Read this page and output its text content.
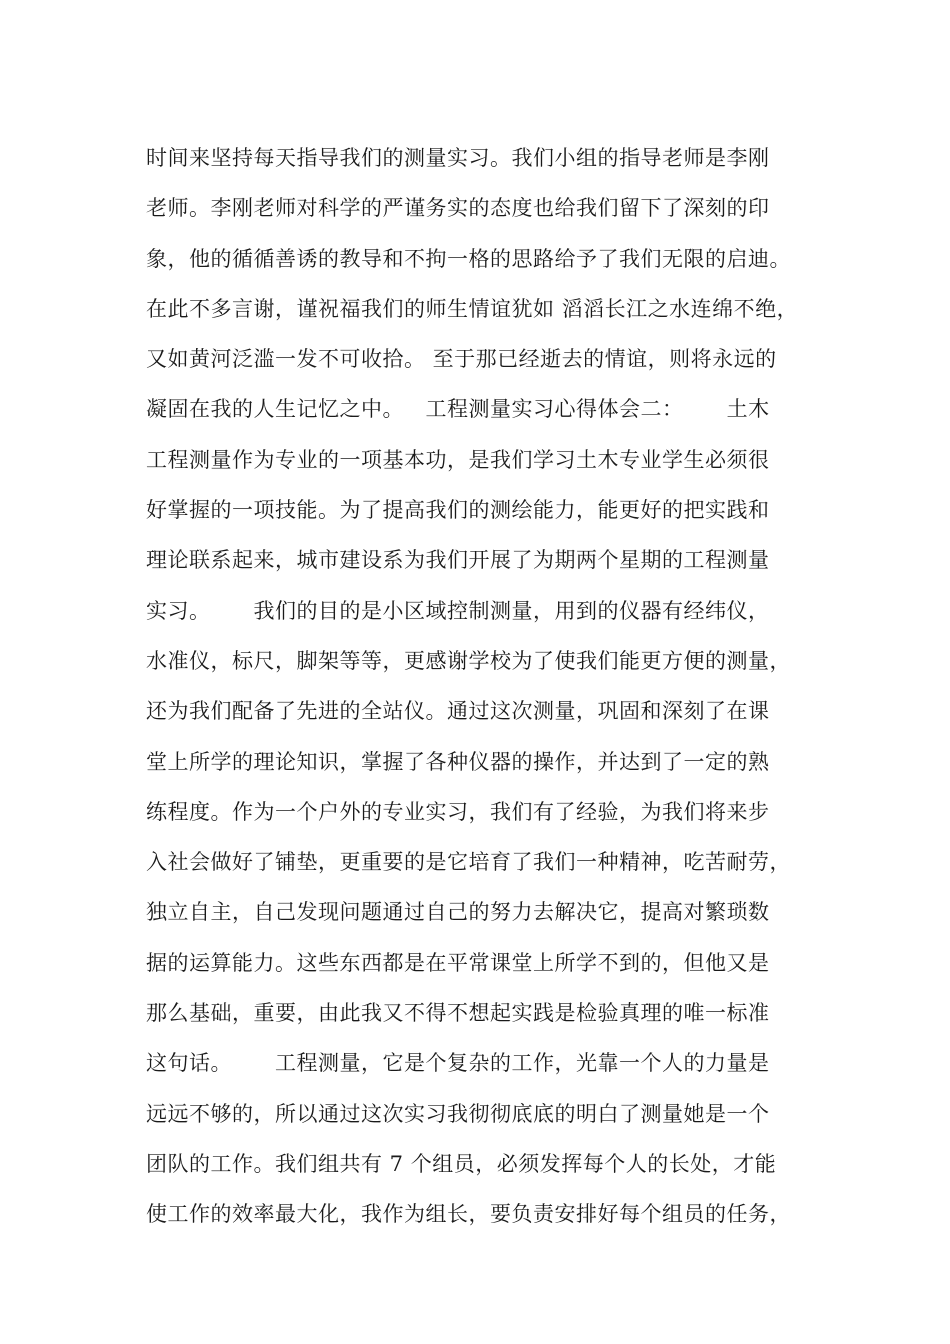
时间来坚持每天指导我们的测量实习。我们小组的指导老师是李刚
老师。李刚老师对科学的严谨务实的态度也给我们留下了深刻的印
象，他的循循善诱的教导和不拘一格的思路给予了我们无限的启迪。
在此不多言谢，谨祝福我们的师生情谊犹如 滔滔长江之水连绵不绝，
又如黄河泛滥一发不可收拾。 至于那已经逝去的情谊，则将永远的
凝固在我的人生记忆之中。   工程测量实习心得体会二：      土木
工程测量作为专业的一项基本功，是我们学习土木专业学生必须很
好掌握的一项技能。为了提高我们的测绘能力，能更好的把实践和
理论联系起来，城市建设系为我们开展了为期两个星期的工程测量
实习。      我们的目的是小区域控制测量，用到的仪器有经纬仪，
水准仪，标尺，脚架等等，更感谢学校为了使我们能更方便的测量，
还为我们配备了先进的全站仪。通过这次测量，巩固和深刻了在课
堂上所学的理论知识，掌握了各种仪器的操作，并达到了一定的熟
练程度。作为一个户外的专业实习，我们有了经验，为我们将来步
入社会做好了铺垫，更重要的是它培育了我们一种精神，吃苦耐劳，
独立自主，自己发现问题通过自己的努力去解决它，提高对繁琐数
据的运算能力。这些东西都是在平常课堂上所学不到的，但他又是
那么基础，重要，由此我又不得不想起实践是检验真理的唯一标准
这句话。      工程测量，它是个复杂的工作，光靠一个人的力量是
远远不够的，所以通过这次实习我彻彻底底的明白了测量她是一个
团队的工作。我们组共有 7 个组员，必须发挥每个人的长处，才能
使工作的效率最大化，我作为组长，要负责安排好每个组员的任务，
